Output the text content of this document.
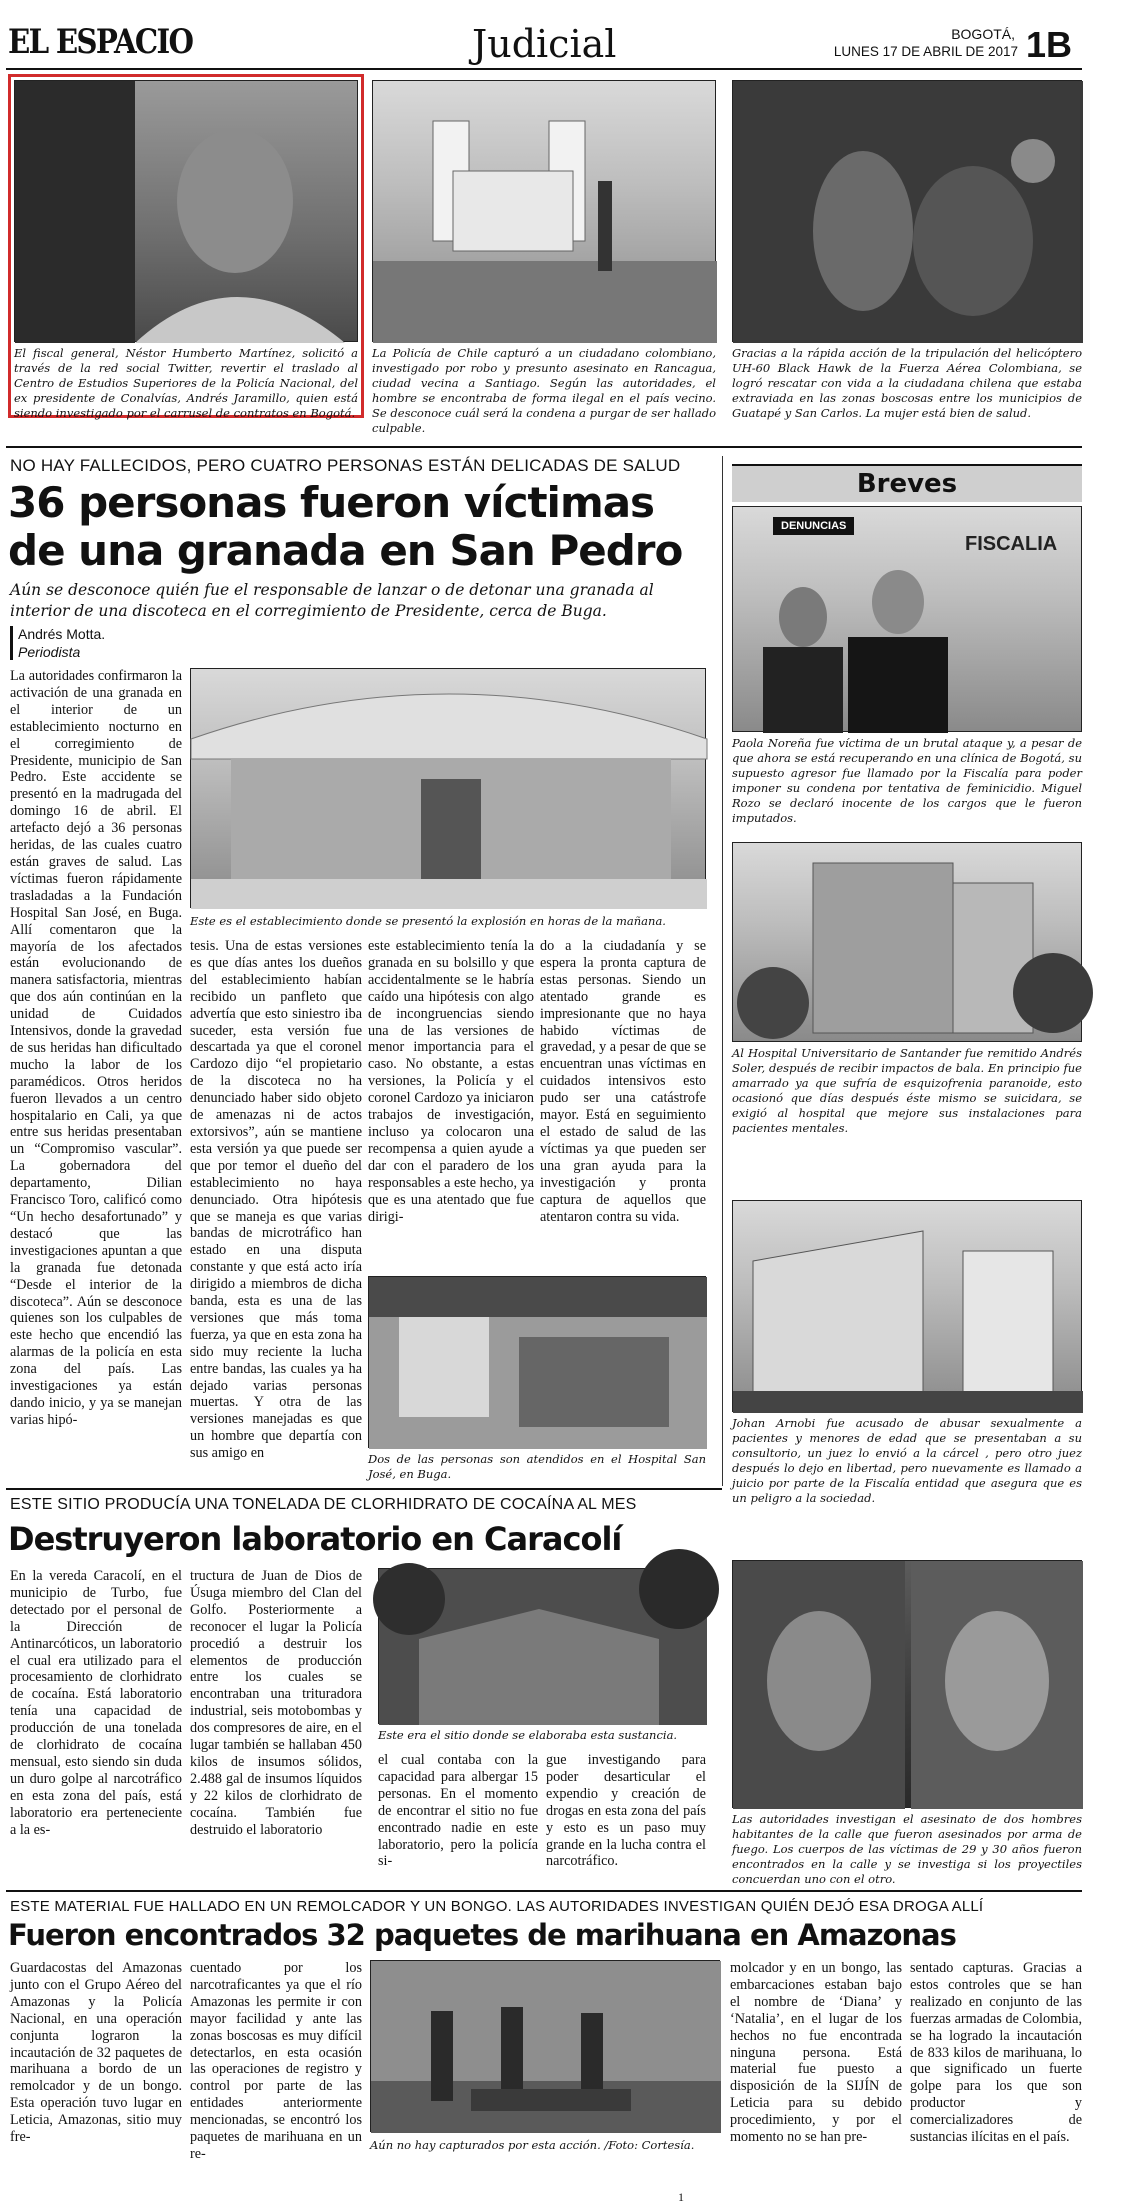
EL ESPACIO	Judicial	BOGOTÁ,
LUNES 17 DE ABRIL DE 2017 1B
El fiscal general, Néstor Humberto Martínez, solicitó a través de la red social Twitter, revertir el traslado al Centro de Estudios Superiores de la Policía Nacional, del ex presidente de Conalvías, Andrés Jaramillo, quien está siendo investigado por el carrusel de contratos en Bogotá.
La Policía de Chile capturó a un ciudadano colombiano, investigado por robo y presunto asesinato en Rancagua, ciudad vecina a Santiago. Según las autoridades, el hombre se encontraba de forma ilegal en el país vecino. Se desconoce cuál será la condena a purgar de ser hallado culpable.
Gracias a la rápida acción de la tripulación del helicóptero UH-60 Black Hawk de la Fuerza Aérea Colombiana, se logró rescatar con vida a la ciudadana chilena que estaba extraviada en las zonas boscosas entre los municipios de Guatapé y San Carlos. La mujer está bien de salud.
NO HAY FALLECIDOS, PERO CUATRO PERSONAS ESTÁN DELICADAS DE SALUD
36 personas fueron víctimas
de una granada en San Pedro
Aún se desconoce quién fue el responsable de lanzar o de detonar una granada al interior de una discoteca en el corregimiento de Presidente, cerca de Buga.
Andrés Motta.
Periodista
La autoridades confirmaron la activación de una granada en el interior de un establecimiento nocturno en el corregimiento de Presidente, municipio de San Pedro. Este accidente se presentó en la madrugada del domingo 16 de abril. El artefacto dejó a 36 personas heridas, de las cuales cuatro están graves de salud. Las víctimas fueron rápidamente trasladadas a la Fundación Hospital San José, en Buga. Allí comentaron que la mayoría de los afectados están evolucionando de manera satisfactoria, mientras que dos aún continúan en la unidad de Cuidados Intensivos, donde la gravedad de sus heridas han dificultado mucho la labor de los paramédicos. Otros heridos fueron llevados a un centro hospitalario en Cali, ya que entre sus heridas presentaban un “Compromiso vascular”. La gobernadora del departamento, Dilian Francisco Toro, calificó como “Un hecho desafortunado” y destacó que las investigaciones apuntan a que la granada fue detonada “Desde el interior de la discoteca”. Aún se desconoce quienes son los culpables de este hecho que encendió las alarmas de la policía en esta zona del país. Las investigaciones ya están dando inicio, y ya se manejan varias hipó-
Este es el establecimiento donde se presentó la explosión en horas de la mañana.
tesis. Una de estas versiones es que días antes los dueños del establecimiento habían recibido un panfleto que advertía que esto siniestro iba suceder, esta versión fue descartada ya que el coronel Cardozo dijo “el propietario de la discoteca no ha denunciado haber sido objeto de amenazas ni de actos extorsivos”, aún se mantiene esta versión ya que puede ser que por temor el dueño del establecimiento no haya denunciado. Otra hipótesis que se maneja es que varias bandas de microtráfico han estado en una disputa constante y que está acto iría dirigido a miembros de dicha banda, esta es una de las versiones que más toma fuerza, ya que en esta zona ha sido muy reciente la lucha entre bandas, las cuales ya ha dejado varias personas muertas. Y otra de las versiones manejadas es que un hombre que departía con sus amigo en
este establecimiento tenía la granada en su bolsillo y que accidentalmente se le habría caído una hipótesis con algo de incongruencias siendo una de las versiones de menor importancia para el caso. No obstante, a estas versiones, la Policía y el coronel Cardozo ya iniciaron trabajos de investigación, incluso ya colocaron una recompensa a quien ayude a dar con el paradero de los responsables a este hecho, ya que es una atentado que fue dirigi-
do a la ciudadanía y se espera la pronta captura de estas personas. Siendo un atentado grande es impresionante que no haya habido víctimas de gravedad, y a pesar de que se encuentran unas víctimas en cuidados intensivos esto pudo ser una catástrofe mayor. Está en seguimiento el estado de salud de las víctimas ya que pueden ser una gran ayuda para la investigación y pronta captura de aquellos que atentaron contra su vida.
Dos de las personas son atendidos en el Hospital San José, en Buga.
Breves
DENUNCIAS
FISCALIA
Paola Noreña fue víctima de un brutal ataque y, a pesar de que ahora se está recuperando en una clínica de Bogotá, su supuesto agresor fue llamado por la Fiscalía para poder imponer su condena por tentativa de feminicidio. Miguel Rozo se declaró inocente de los cargos que le fueron imputados.
Al Hospital Universitario de Santander fue remitido Andrés Soler, después de recibir impactos de bala. En principio fue amarrado ya que sufría de esquizofrenia paranoide, esto ocasionó que días después éste mismo se suicidara, se exigió al hospital que mejore sus instalaciones para pacientes mentales.
Johan Arnobi fue acusado de abusar sexualmente a pacientes y menores de edad que se presentaban a su consultorio, un juez lo envió a la cárcel , pero otro juez después lo dejo en libertad, pero nuevamente es llamado a juicio por parte de la Fiscalía entidad que asegura que es un peligro a la sociedad.
Las autoridades investigan el asesinato de dos hombres habitantes de la calle que fueron asesinados por arma de fuego. Los cuerpos de las víctimas de 29 y 30 años fueron encontrados en la calle y se investiga si los proyectiles concuerdan uno con el otro.
ESTE SITIO PRODUCÍA UNA TONELADA DE CLORHIDRATO DE COCAÍNA AL MES
Destruyeron laboratorio en Caracolí
En la vereda Caracolí, en el municipio de Turbo, fue detectado por el personal de la Dirección de Antinarcóticos, un laboratorio el cual era utilizado para el procesamiento de clorhidrato de cocaína. Está laboratorio tenía una capacidad de producción de una tonelada de clorhidrato de cocaína mensual, esto siendo sin duda un duro golpe al narcotráfico en esta zona del país, está laboratorio era perteneciente a la es-
tructura de Juan de Dios de Úsuga miembro del Clan del Golfo. Posteriormente a reconocer el lugar la Policía procedió a destruir los elementos de producción entre los cuales se encontraban una trituradora industrial, seis motobombas y dos compresores de aire, en el lugar también se hallaban 450 kilos de insumos sólidos, 2.488 gal de insumos líquidos y 22 kilos de clorhidrato de cocaína. También fue destruido el laboratorio
Este era el sitio donde se elaboraba esta sustancia.
el cual contaba con la capacidad para albergar 15 personas. En el momento de encontrar el sitio no fue encontrado nadie en este laboratorio, pero la policía si-
gue investigando para poder desarticular el expendio y creación de drogas en esta zona del país y esto es un paso muy grande en la lucha contra el narcotráfico.
ESTE MATERIAL FUE HALLADO EN UN REMOLCADOR Y UN BONGO. LAS AUTORIDADES INVESTIGAN QUIÉN DEJÓ ESA DROGA ALLÍ
Fueron encontrados 32 paquetes de marihuana en Amazonas
Guardacostas del Amazonas junto con el Grupo Aéreo del Amazonas y la Policía Nacional, en una operación conjunta lograron la incautación de 32 paquetes de marihuana a bordo de un remolcador y de un bongo. Esta operación tuvo lugar en Leticia, Amazonas, sitio muy fre-
cuentado por los narcotraficantes ya que el río Amazonas les permite ir con mayor facilidad y ante las zonas boscosas es muy difícil detectarlos, en esta ocasión las operaciones de registro y control por parte de las entidades anteriormente mencionadas, se encontró los paquetes de marihuana en un re-
Aún no hay capturados por esta acción. /Foto: Cortesía.
molcador y en un bongo, las embarcaciones estaban bajo el nombre de ‘Diana’ y ‘Natalia’, en el lugar de los hechos no fue encontrada ninguna persona. Está material fue puesto a disposición de la SIJÍN de Leticia para su debido procedimiento, y por el momento no se han pre-
sentado capturas. Gracias a estos controles que se han realizado en conjunto de las fuerzas armadas de Colombia, se ha logrado la incautación de 833 kilos de marihuana, lo que significado un fuerte golpe para los que son productor y comercializadores de sustancias ilícitas en el país.
1
